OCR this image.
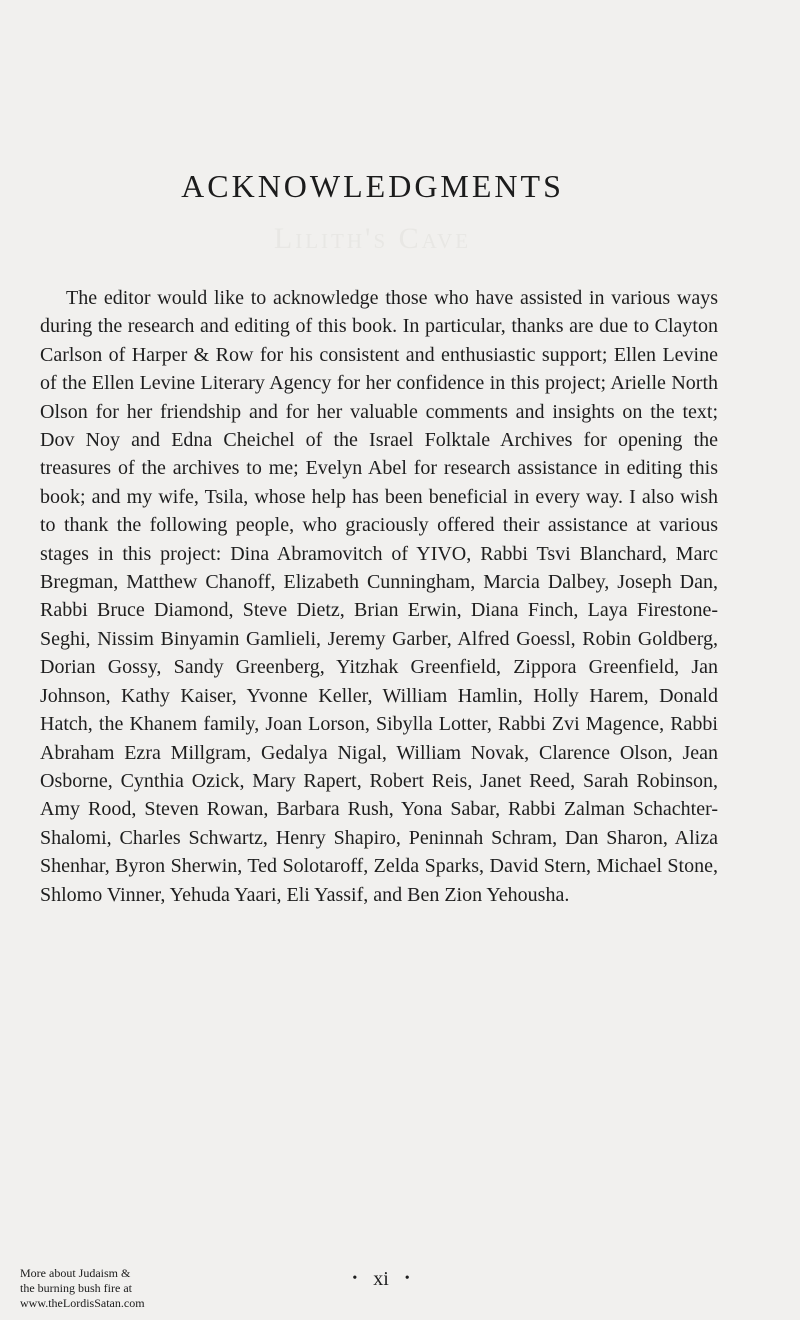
Lilith's Cave
ACKNOWLEDGMENTS

The editor would like to acknowledge those who have assisted in various ways during the research and editing of this book. In particular, thanks are due to Clayton Carlson of Harper & Row for his consistent and enthusiastic support; Ellen Levine of the Ellen Levine Literary Agency for her confidence in this project; Arielle North Olson for her friendship and for her valuable comments and insights on the text; Dov Noy and Edna Cheichel of the Israel Folktale Archives for opening the treasures of the archives to me; Evelyn Abel for research assistance in editing this book; and my wife, Tsila, whose help has been beneficial in every way. I also wish to thank the following people, who graciously offered their assistance at various stages in this project: Dina Abramovitch of YIVO, Rabbi Tsvi Blanchard, Marc Bregman, Matthew Chanoff, Elizabeth Cunningham, Marcia Dalbey, Joseph Dan, Rabbi Bruce Diamond, Steve Dietz, Brian Erwin, Diana Finch, Laya Firestone-Seghi, Nissim Binyamin Gamlieli, Jeremy Garber, Alfred Goessl, Robin Goldberg, Dorian Gossy, Sandy Greenberg, Yitzhak Greenfield, Zippora Greenfield, Jan Johnson, Kathy Kaiser, Yvonne Keller, William Hamlin, Holly Harem, Donald Hatch, the Khanem family, Joan Lorson, Sibylla Lotter, Rabbi Zvi Magence, Rabbi Abraham Ezra Millgram, Gedalya Nigal, William Novak, Clarence Olson, Jean Osborne, Cynthia Ozick, Mary Rapert, Robert Reis, Janet Reed, Sarah Robinson, Amy Rood, Steven Rowan, Barbara Rush, Yona Sabar, Rabbi Zalman Schachter-Shalomi, Charles Schwartz, Henry Shapiro, Peninnah Schram, Dan Sharon, Aliza Shenhar, Byron Sherwin, Ted Solotaroff, Zelda Sparks, David Stern, Michael Stone, Shlomo Vinner, Yehuda Yaari, Eli Yassif, and Ben Zion Yehousha.

• xi •
More about Judaism &
the burning bush fire at
www.theLordisSatan.com
